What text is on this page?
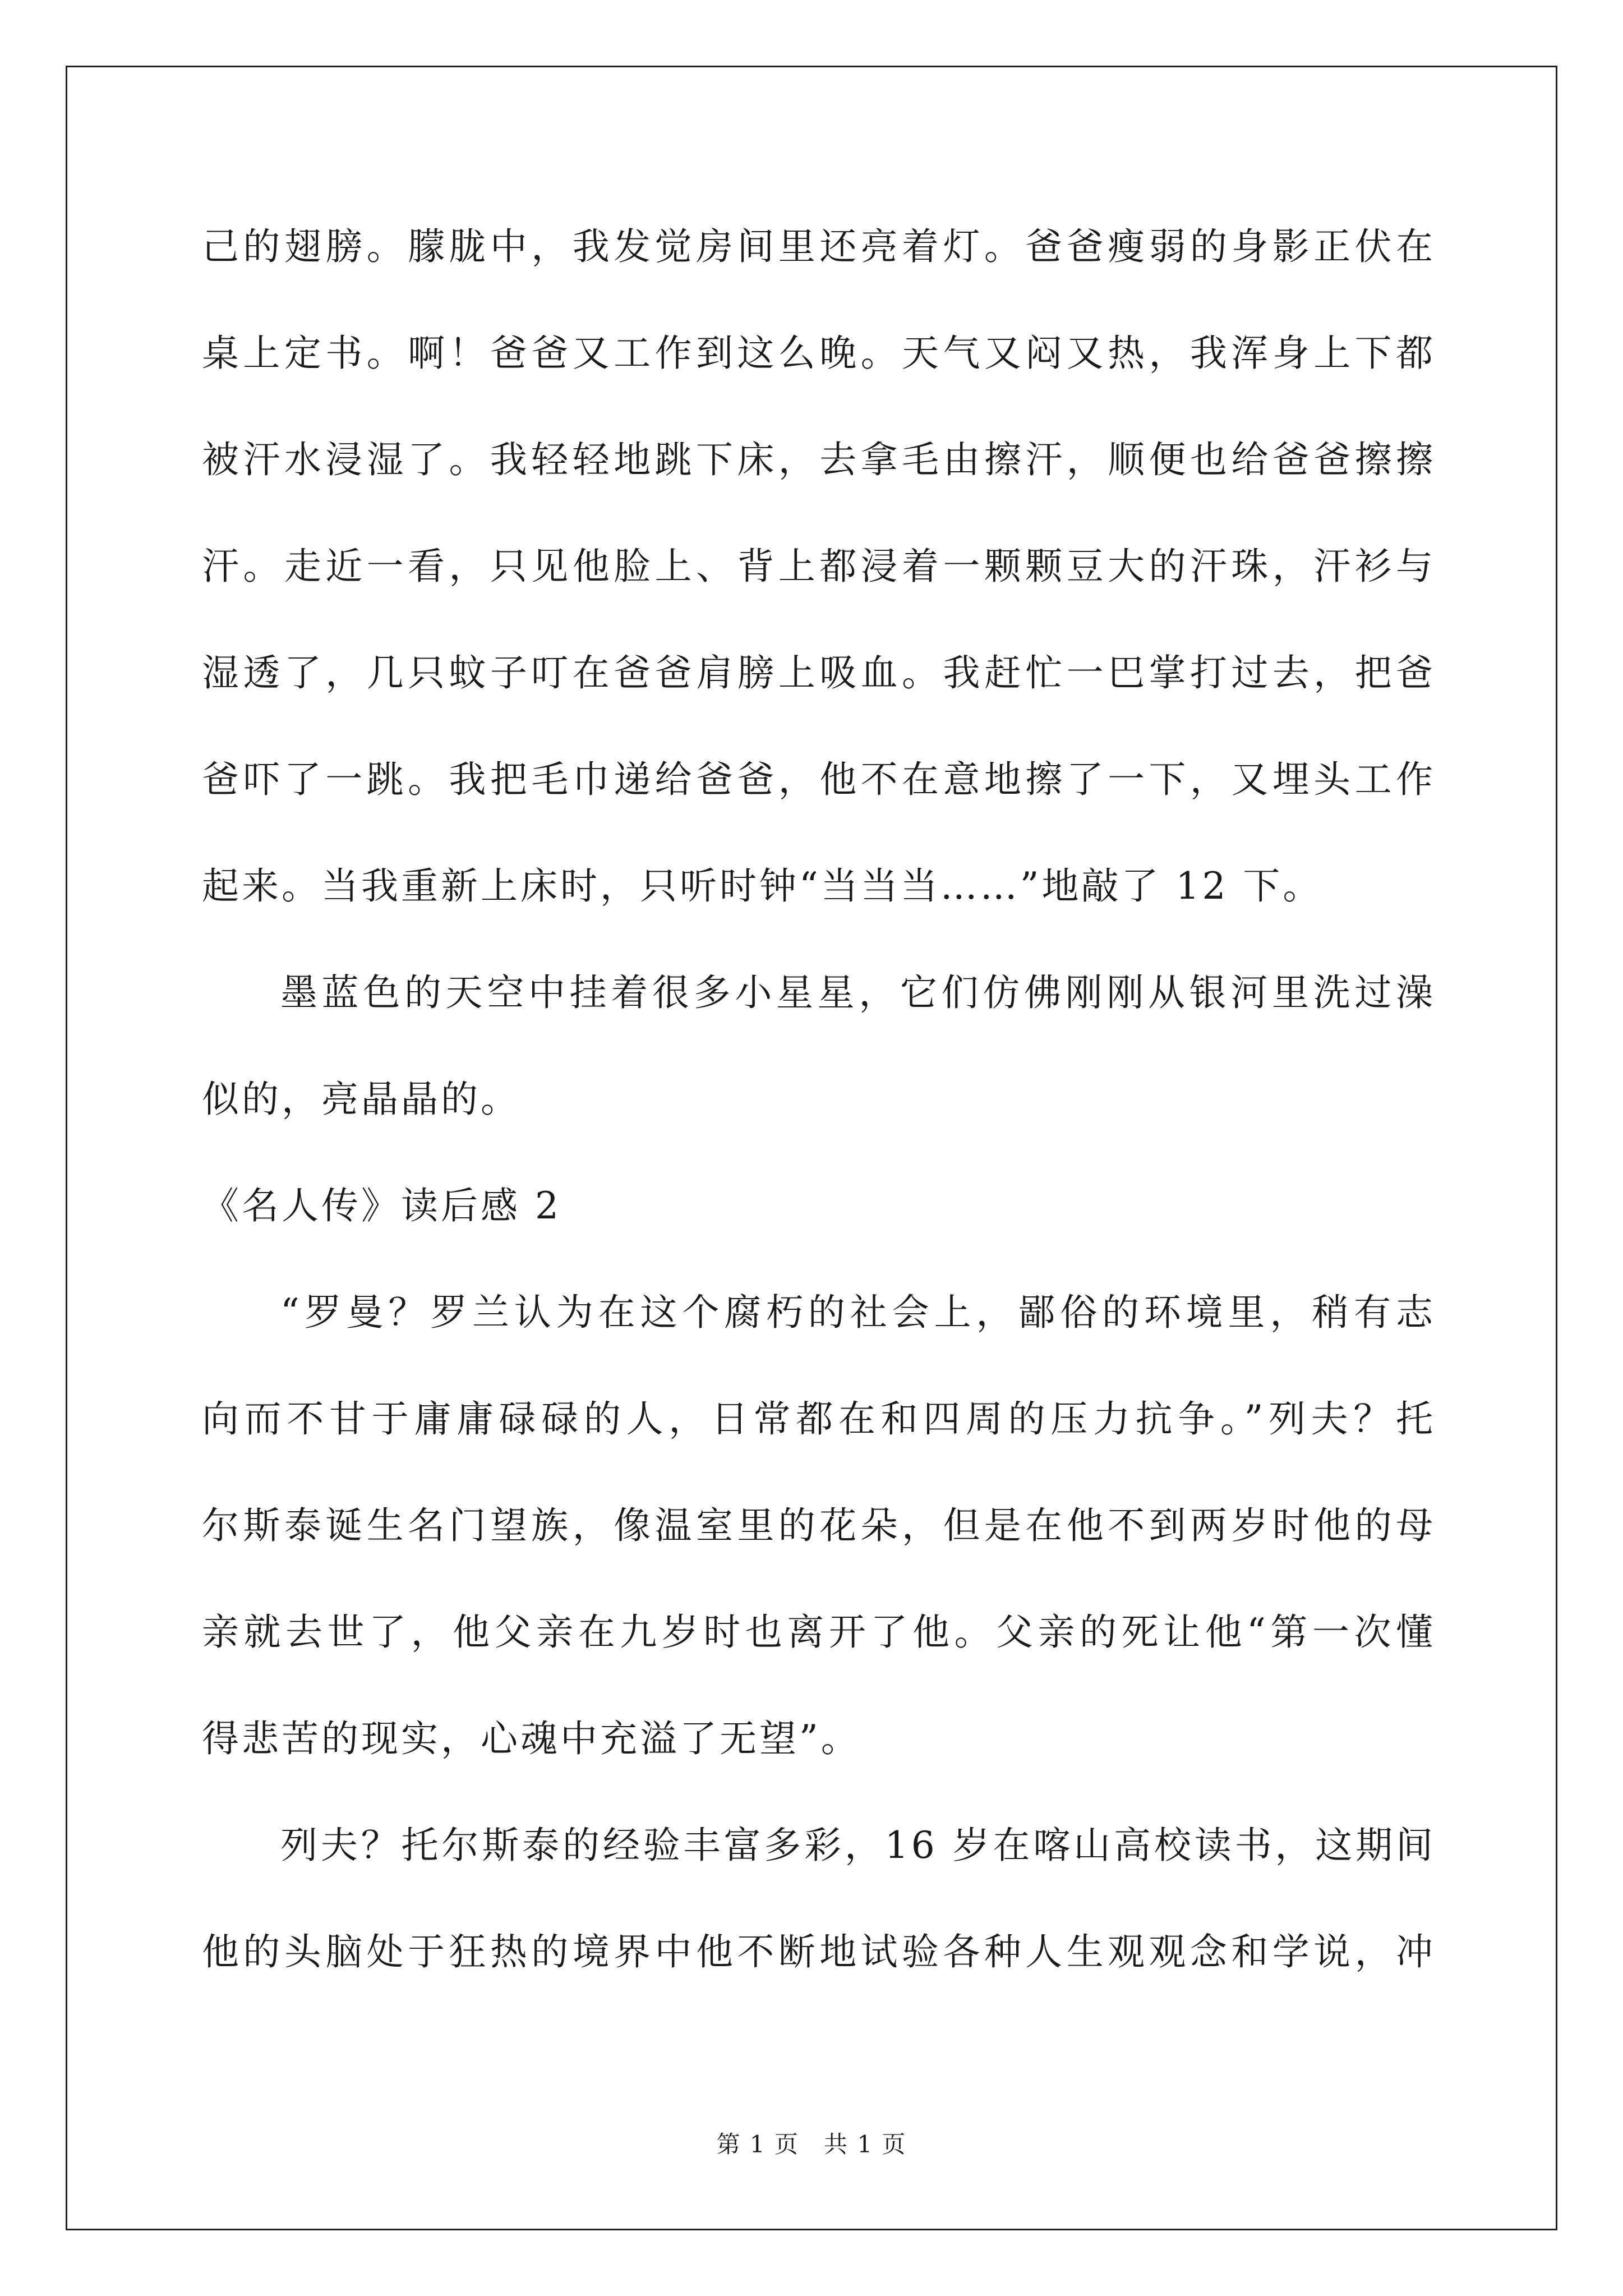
己的翅膀。朦胧中，我发觉房间里还亮着灯。爸爸瘦弱的身影正伏在
桌上定书。啊！爸爸又工作到这么晚。天气又闷又热，我浑身上下都
被汗水浸湿了。我轻轻地跳下床，去拿毛由擦汗，顺便也给爸爸擦擦
汗。走近一看，只见他脸上、背上都浸着一颗颗豆大的汗珠，汗衫与
湿透了，几只蚊子叮在爸爸肩膀上吸血。我赶忙一巴掌打过去，把爸
爸吓了一跳。我把毛巾递给爸爸，他不在意地擦了一下，又埋头工作
起来。当我重新上床时，只听时钟“当当当……”地敲了 12 下。
墨蓝色的天空中挂着很多小星星，它们仿佛刚刚从银河里洗过澡
似的，亮晶晶的。
《名人传》读后感 2
“罗曼？罗兰认为在这个腐朽的社会上，鄙俗的环境里，稍有志
向而不甘于庸庸碌碌的人，日常都在和四周的压力抗争。”列夫？托
尔斯泰诞生名门望族，像温室里的花朵，但是在他不到两岁时他的母
亲就去世了，他父亲在九岁时也离开了他。父亲的死让他“第一次懂
得悲苦的现实，心魂中充溢了无望”。
列夫？托尔斯泰的经验丰富多彩，16 岁在喀山高校读书，这期间
他的头脑处于狂热的境界中他不断地试验各种人生观观念和学说，冲
第 1 页　共 1 页
